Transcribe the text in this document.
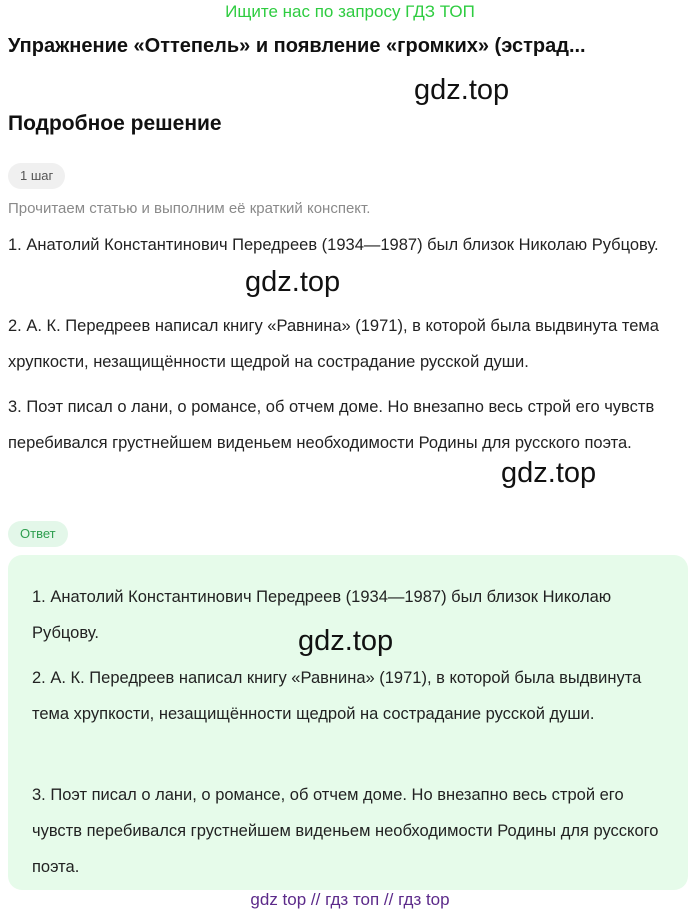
Ищите нас по запросу ГДЗ ТОП
Упражнение «Оттепель» и появление «громких» (эстрад...
gdz.top
Подробное решение
1 шаг
Прочитаем статью и выполним её краткий конспект.
1. Анатолий Константинович Передреев (1934—1987) был близок Николаю Рубцову.
gdz.top
2. А. К. Передреев написал книгу «Равнина» (1971), в которой была выдвинута тема хрупкости, незащищённости щедрой на сострадание русской души.
3. Поэт писал о лани, о романсе, об отчем доме. Но внезапно весь строй его чувств перебивался грустнейшем виденьем необходимости Родины для русского поэта.
gdz.top
Ответ
1. Анатолий Константинович Передреев (1934—1987) был близок Николаю Рубцову.	gdz.top
2. А. К. Передреев написал книгу «Равнина» (1971), в которой была выдвинута тема хрупкости, незащищённости щедрой на сострадание русской души.
3. Поэт писал о лани, о романсе, об отчем доме. Но внезапно весь строй его чувств перебивался грустнейшем виденьем необходимости Родины для русского поэта.
gdz top // гдз топ // гдз top
